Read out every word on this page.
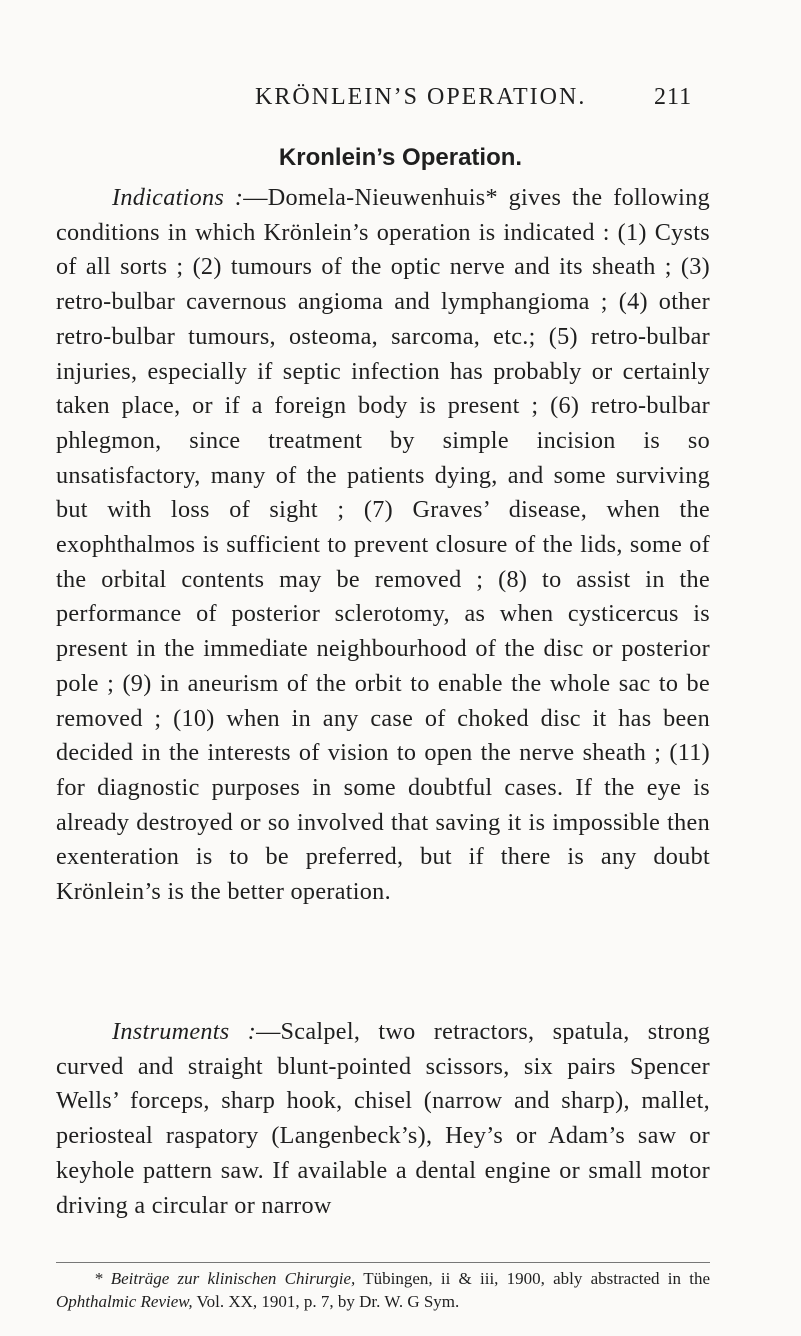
KRÖNLEIN’S OPERATION.	211
Kronlein’s Operation.

Indications :—Domela-Nieuwenhuis* gives the following conditions in which Krönlein’s operation is indicated : (1) Cysts of all sorts ; (2) tumours of the optic nerve and its sheath ; (3) retro-bulbar cavernous angioma and lymphangioma ; (4) other retro-bulbar tumours, osteoma, sarcoma, etc.; (5) retro-bulbar injuries, especially if septic infection has probably or certainly taken place, or if a foreign body is present ; (6) retro-bulbar phlegmon, since treatment by simple incision is so unsatisfactory, many of the patients dying, and some surviving but with loss of sight ; (7) Graves’ disease, when the exophthalmos is sufficient to prevent closure of the lids, some of the orbital contents may be removed ; (8) to assist in the performance of posterior sclerotomy, as when cysticercus is present in the immediate neighbourhood of the disc or posterior pole ; (9) in aneurism of the orbit to enable the whole sac to be removed ; (10) when in any case of choked disc it has been decided in the interests of vision to open the nerve sheath ; (11) for diagnostic purposes in some doubtful cases. If the eye is already destroyed or so involved that saving it is impossible then exenteration is to be preferred, but if there is any doubt Krönlein’s is the better operation.

Instruments :—Scalpel, two retractors, spatula, strong curved and straight blunt-pointed scissors, six pairs Spencer Wells’ forceps, sharp hook, chisel (narrow and sharp), mallet, periosteal raspatory (Langenbeck’s), Hey’s or Adam’s saw or keyhole pattern saw. If available a dental engine or small motor driving a circular or narrow

* Beiträge zur klinischen Chirurgie, Tübingen, ii & iii, 1900, ably abstracted in the Ophthalmic Review, Vol. XX, 1901, p. 7, by Dr. W. G Sym.
